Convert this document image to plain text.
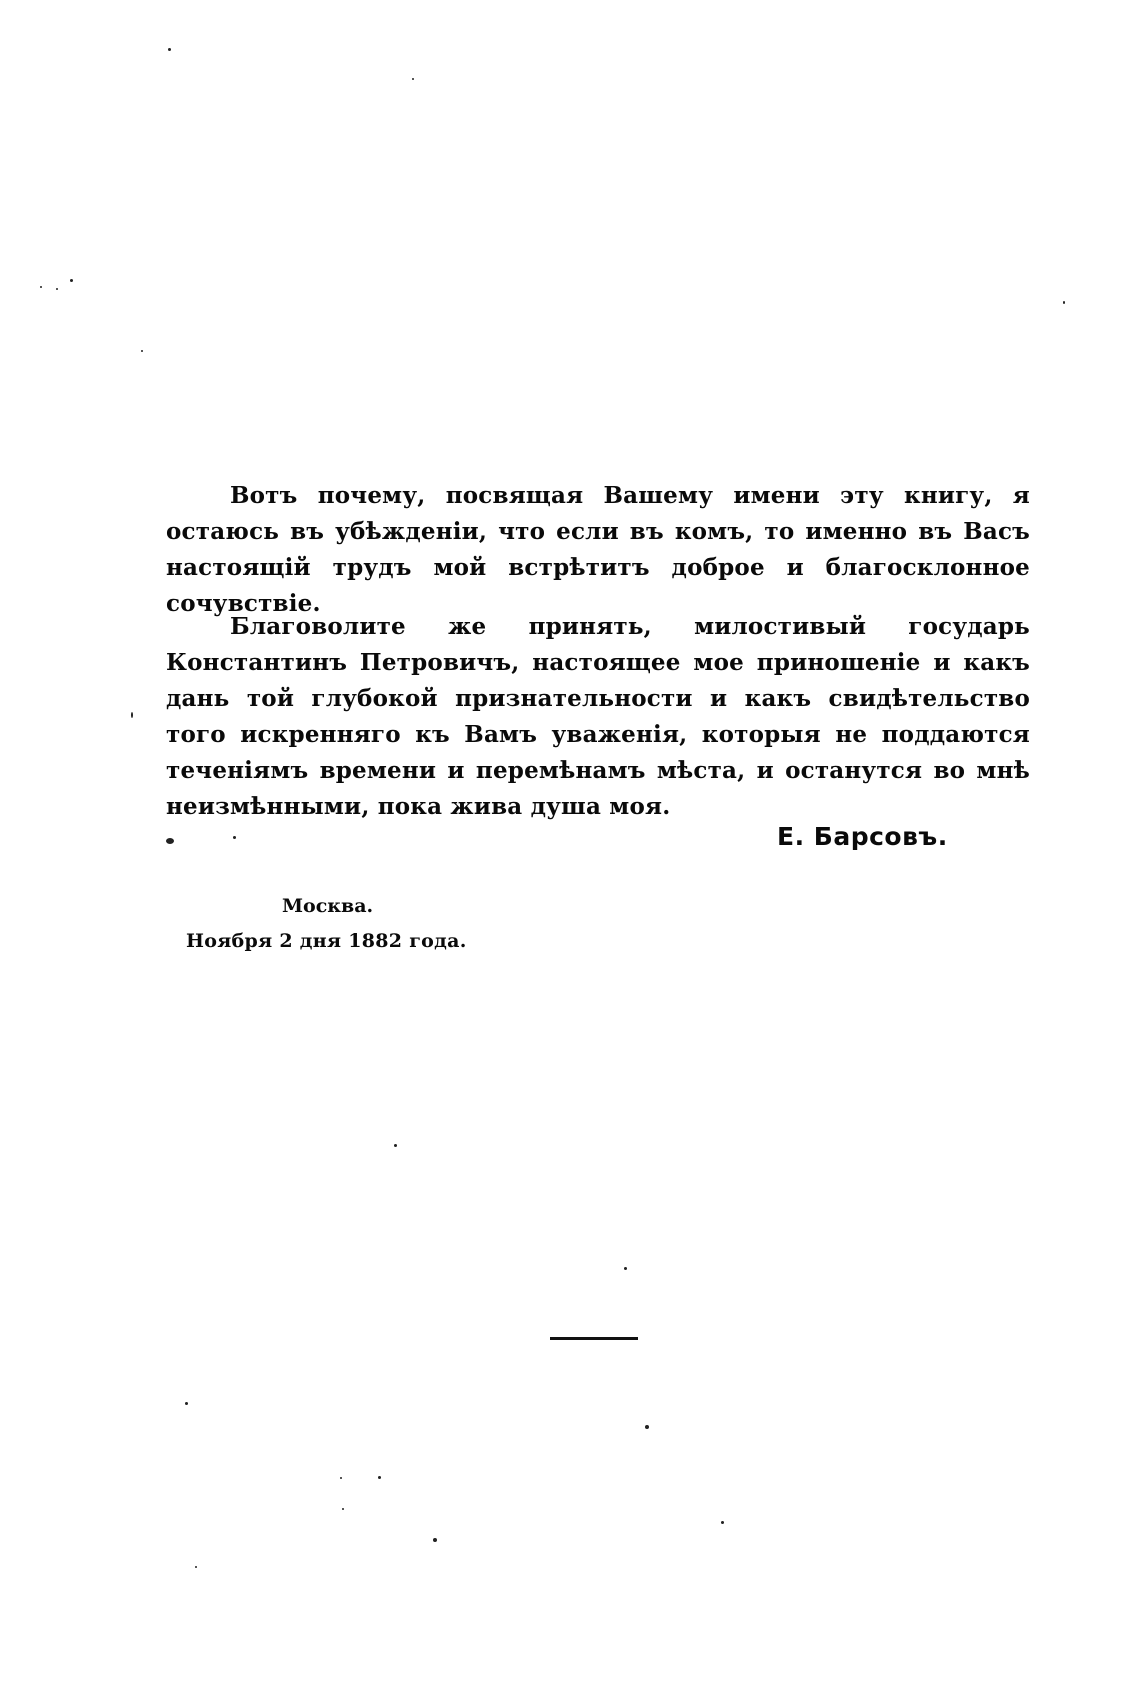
Вотъ почему, посвящая Вашему имени эту книгу, я остаюсь въ убѣжденіи, что если въ комъ, то именно въ Васъ настоящій трудъ мой встрѣтитъ доброе и благосклонное сочувствіе.

Благоволите же принять, милостивый государь Константинъ Петровичъ, настоящее мое приношеніе и какъ дань той глубокой признательности и какъ свидѣтельство того искренняго къ Вамъ уваженія, которыя не поддаются теченіямъ времени и перемѣнамъ мѣста, и останутся во мнѣ неизмѣнными, пока жива душа моя.

Е. Барсовъ.
Москва.
Ноября 2 дня 1882 года.
